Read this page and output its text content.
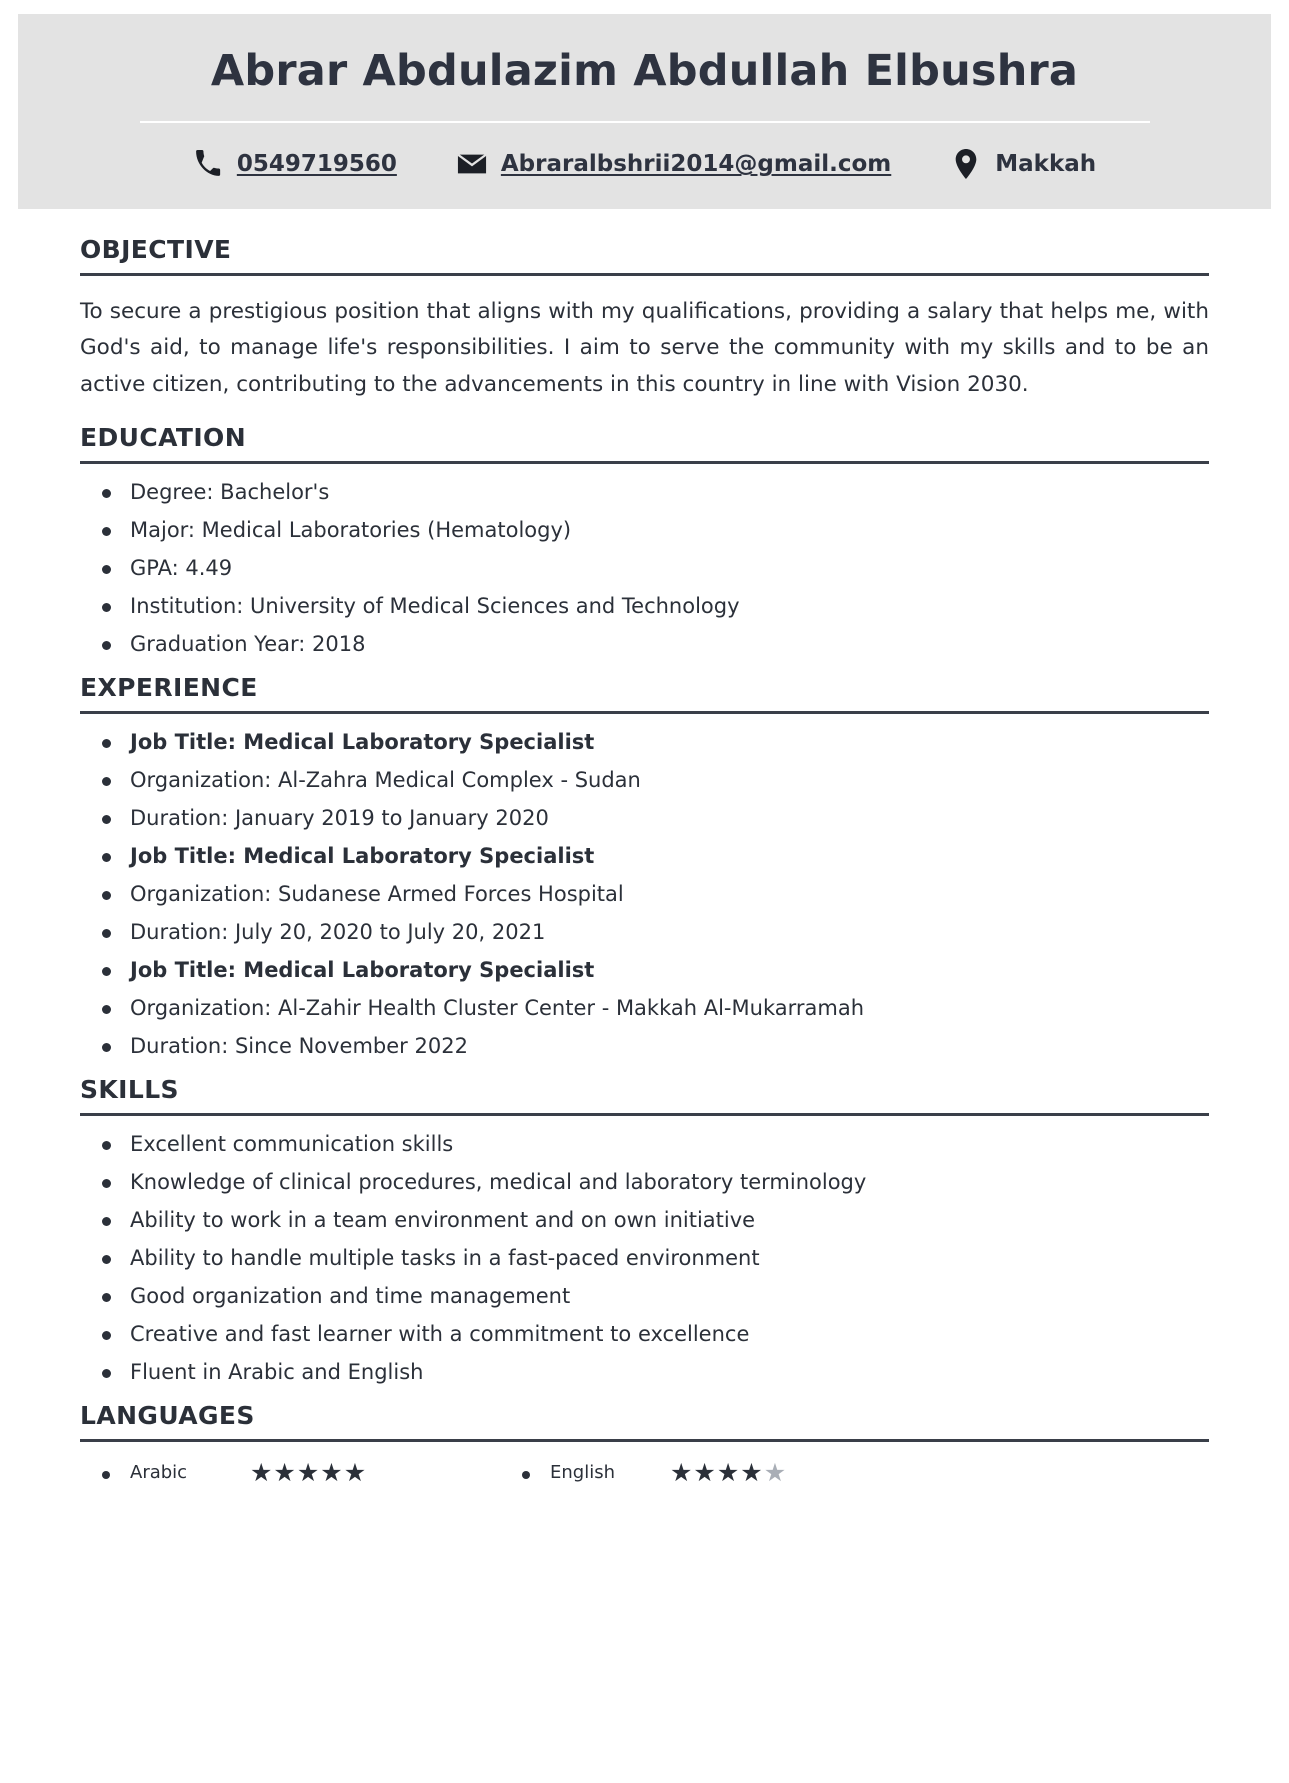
Abrar Abdulazim Abdullah Elbushra
0549719560	Abraralbshrii2014@gmail.com	Makkah
OBJECTIVE

To secure a prestigious position that aligns with my qualifications, providing a salary that helps me, with God's aid, to manage life's responsibilities. I aim to serve the community with my skills and to be an active citizen, contributing to the advancements in this country in line with Vision 2030.

EDUCATION
Degree: Bachelor's
Major: Medical Laboratories (Hematology)
GPA: 4.49
Institution: University of Medical Sciences and Technology
Graduation Year: 2018
EXPERIENCE
Job Title: Medical Laboratory Specialist
Organization: Al-Zahra Medical Complex - Sudan
Duration: January 2019 to January 2020
Job Title: Medical Laboratory Specialist
Organization: Sudanese Armed Forces Hospital
Duration: July 20, 2020 to July 20, 2021
Job Title: Medical Laboratory Specialist
Organization: Al-Zahir Health Cluster Center - Makkah Al-Mukarramah
Duration: Since November 2022
SKILLS
Excellent communication skills
Knowledge of clinical procedures, medical and laboratory terminology
Ability to work in a team environment and on own initiative
Ability to handle multiple tasks in a fast-paced environment
Good organization and time management
Creative and fast learner with a commitment to excellence
Fluent in Arabic and English
LANGUAGES
Arabic	★★★★★	English	★★★★★
